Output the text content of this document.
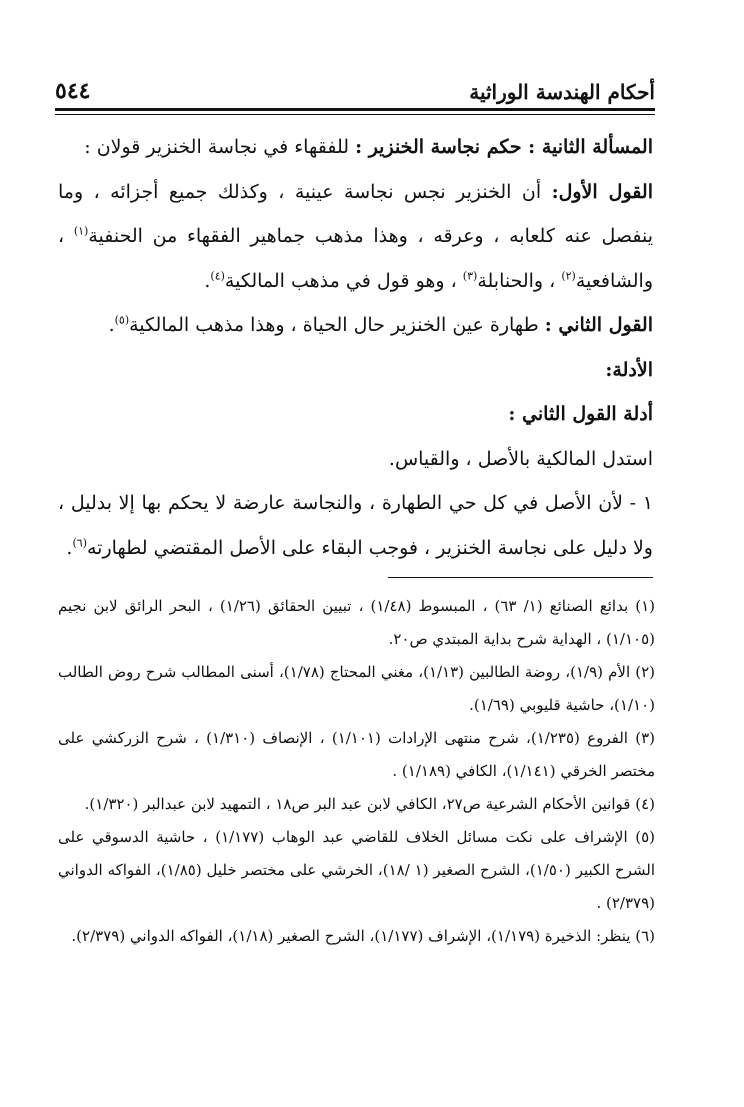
أحكام الهندسة الوراثية
٥٤٤

المسألة الثانية : حكم نجاسة الخنزير : للفقهاء في نجاسة الخنزير قولان :

القول الأول: أن الخنزير نجس نجاسة عينية ، وكذلك جميع أجزائه ، وما ينفصل عنه كلعابه ، وعرقه ، وهذا مذهب جماهير الفقهاء من الحنفية$^{(١)}$ ، والشافعية$^{(٢)}$ ، والحنابلة$^{(٣)}$ ، وهو قول في مذهب المالكية$^{(٤)}$.

القول الثاني : طهارة عين الخنزير حال الحياة ، وهذا مذهب المالكية$^{(٥)}$.

الأدلة:

أدلة القول الثاني :

استدل المالكية بالأصل ، والقياس.

١ - لأن الأصل في كل حي الطهارة ، والنجاسة عارضة لا يحكم بها إلا بدليل ، ولا دليل على نجاسة الخنزير ، فوجب البقاء على الأصل المقتضي لطهارته$^{(٦)}$.

(١) بدائع الصنائع (١/ ٦٣) ، المبسوط (١/٤٨) ، تبيين الحقائق (١/٢٦) ، البحر الرائق لابن نجيم (١/١٠٥) ، الهداية شرح بداية المبتدي ص٢٠.

(٢) الأم (١/٩)، روضة الطالبين (١/١٣)، مغني المحتاج (١/٧٨)، أسنى المطالب شرح روض الطالب (١/١٠)، حاشية قليوبي (١/٦٩).

(٣) الفروع (١/٢٣٥)، شرح منتهى الإرادات (١/١٠١) ، الإنصاف (١/٣١٠) ، شرح الزركشي على مختصر الخرقي (١/١٤١)، الكافي (١/١٨٩) .

(٤) قوانين الأحكام الشرعية ص٢٧، الكافي لابن عبد البر ص١٨ ، التمهيد لابن عبدالبر (١/٣٢٠).

(٥) الإشراف على نكت مسائل الخلاف للقاضي عبد الوهاب (١/١٧٧) ، حاشية الدسوقي على الشرح الكبير (١/٥٠)، الشرح الصغير (١ /١٨)، الخرشي على مختصر خليل (١/٨٥)، الفواكه الدواني (٢/٣٧٩) .

(٦) ينظر: الذخيرة (١/١٧٩)، الإشراف (١/١٧٧)، الشرح الصغير (١/١٨)، الفواكه الدواني (٢/٣٧٩).
